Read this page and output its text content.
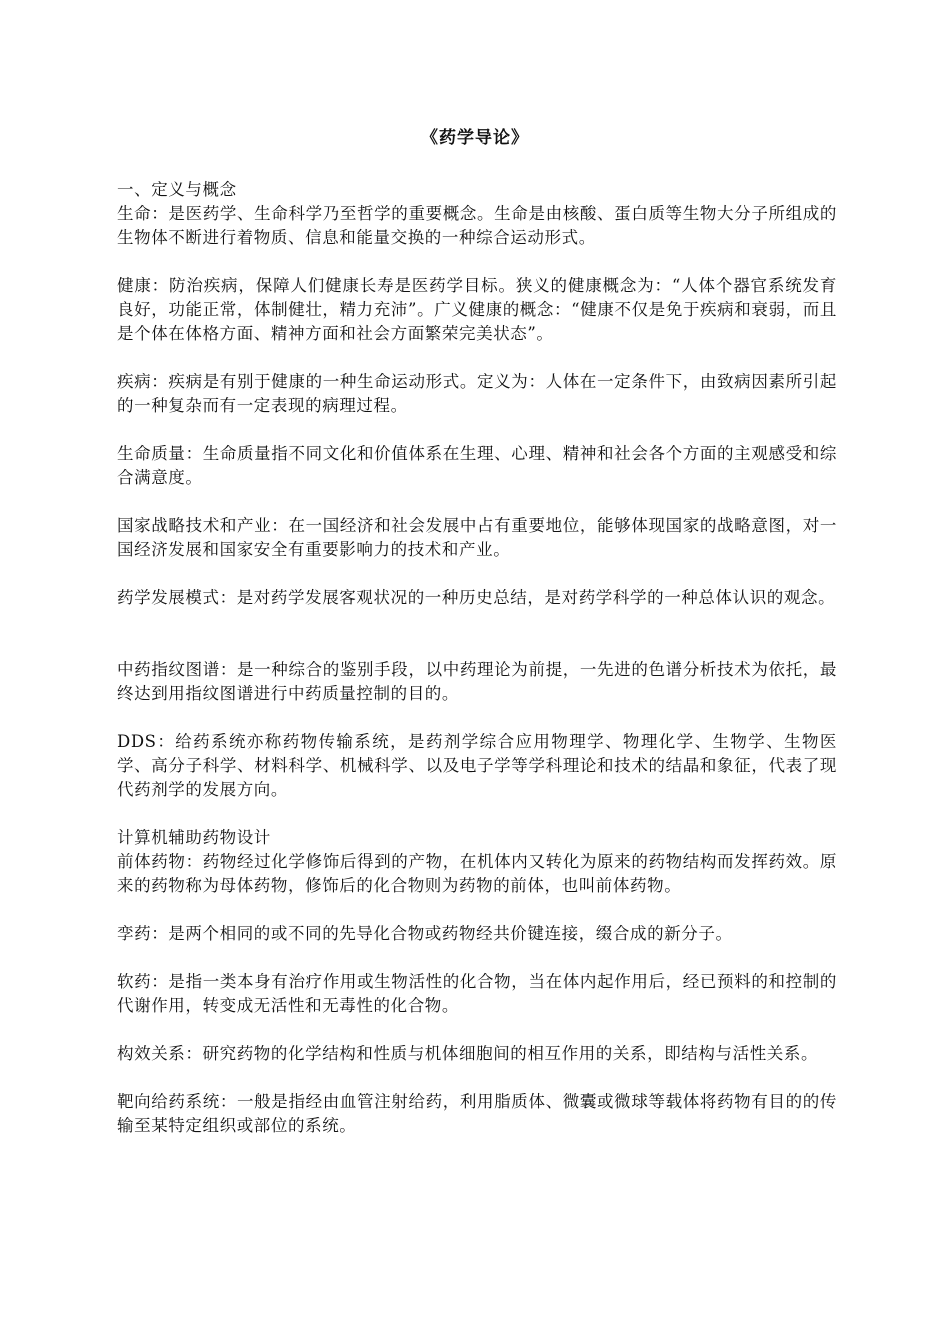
《药学导论》

一、定义与概念

生命：是医药学、生命科学乃至哲学的重要概念。生命是由核酸、蛋白质等生物大分子所组成的生物体不断进行着物质、信息和能量交换的一种综合运动形式。

健康：防治疾病，保障人们健康长寿是医药学目标。狭义的健康概念为：“人体个器官系统发育良好，功能正常，体制健壮，精力充沛”。广义健康的概念：“健康不仅是免于疾病和衰弱，而且是个体在体格方面、精神方面和社会方面繁荣完美状态”。

疾病：疾病是有别于健康的一种生命运动形式。定义为：人体在一定条件下，由致病因素所引起的一种复杂而有一定表现的病理过程。

生命质量：生命质量指不同文化和价值体系在生理、心理、精神和社会各个方面的主观感受和综合满意度。

国家战略技术和产业：在一国经济和社会发展中占有重要地位，能够体现国家的战略意图，对一国经济发展和国家安全有重要影响力的技术和产业。

药学发展模式：是对药学发展客观状况的一种历史总结，是对药学科学的一种总体认识的观念。

中药指纹图谱：是一种综合的鉴别手段，以中药理论为前提，一先进的色谱分析技术为依托，最终达到用指纹图谱进行中药质量控制的目的。

DDS：给药系统亦称药物传输系统，是药剂学综合应用物理学、物理化学、生物学、生物医学、高分子科学、材料科学、机械科学、以及电子学等学科理论和技术的结晶和象征，代表了现代药剂学的发展方向。

计算机辅助药物设计

前体药物：药物经过化学修饰后得到的产物，在机体内又转化为原来的药物结构而发挥药效。原来的药物称为母体药物，修饰后的化合物则为药物的前体，也叫前体药物。

孪药：是两个相同的或不同的先导化合物或药物经共价键连接，缀合成的新分子。

软药：是指一类本身有治疗作用或生物活性的化合物，当在体内起作用后，经已预料的和控制的代谢作用，转变成无活性和无毒性的化合物。

构效关系：研究药物的化学结构和性质与机体细胞间的相互作用的关系，即结构与活性关系。

靶向给药系统：一般是指经由血管注射给药，利用脂质体、微囊或微球等载体将药物有目的的传输至某特定组织或部位的系统。
